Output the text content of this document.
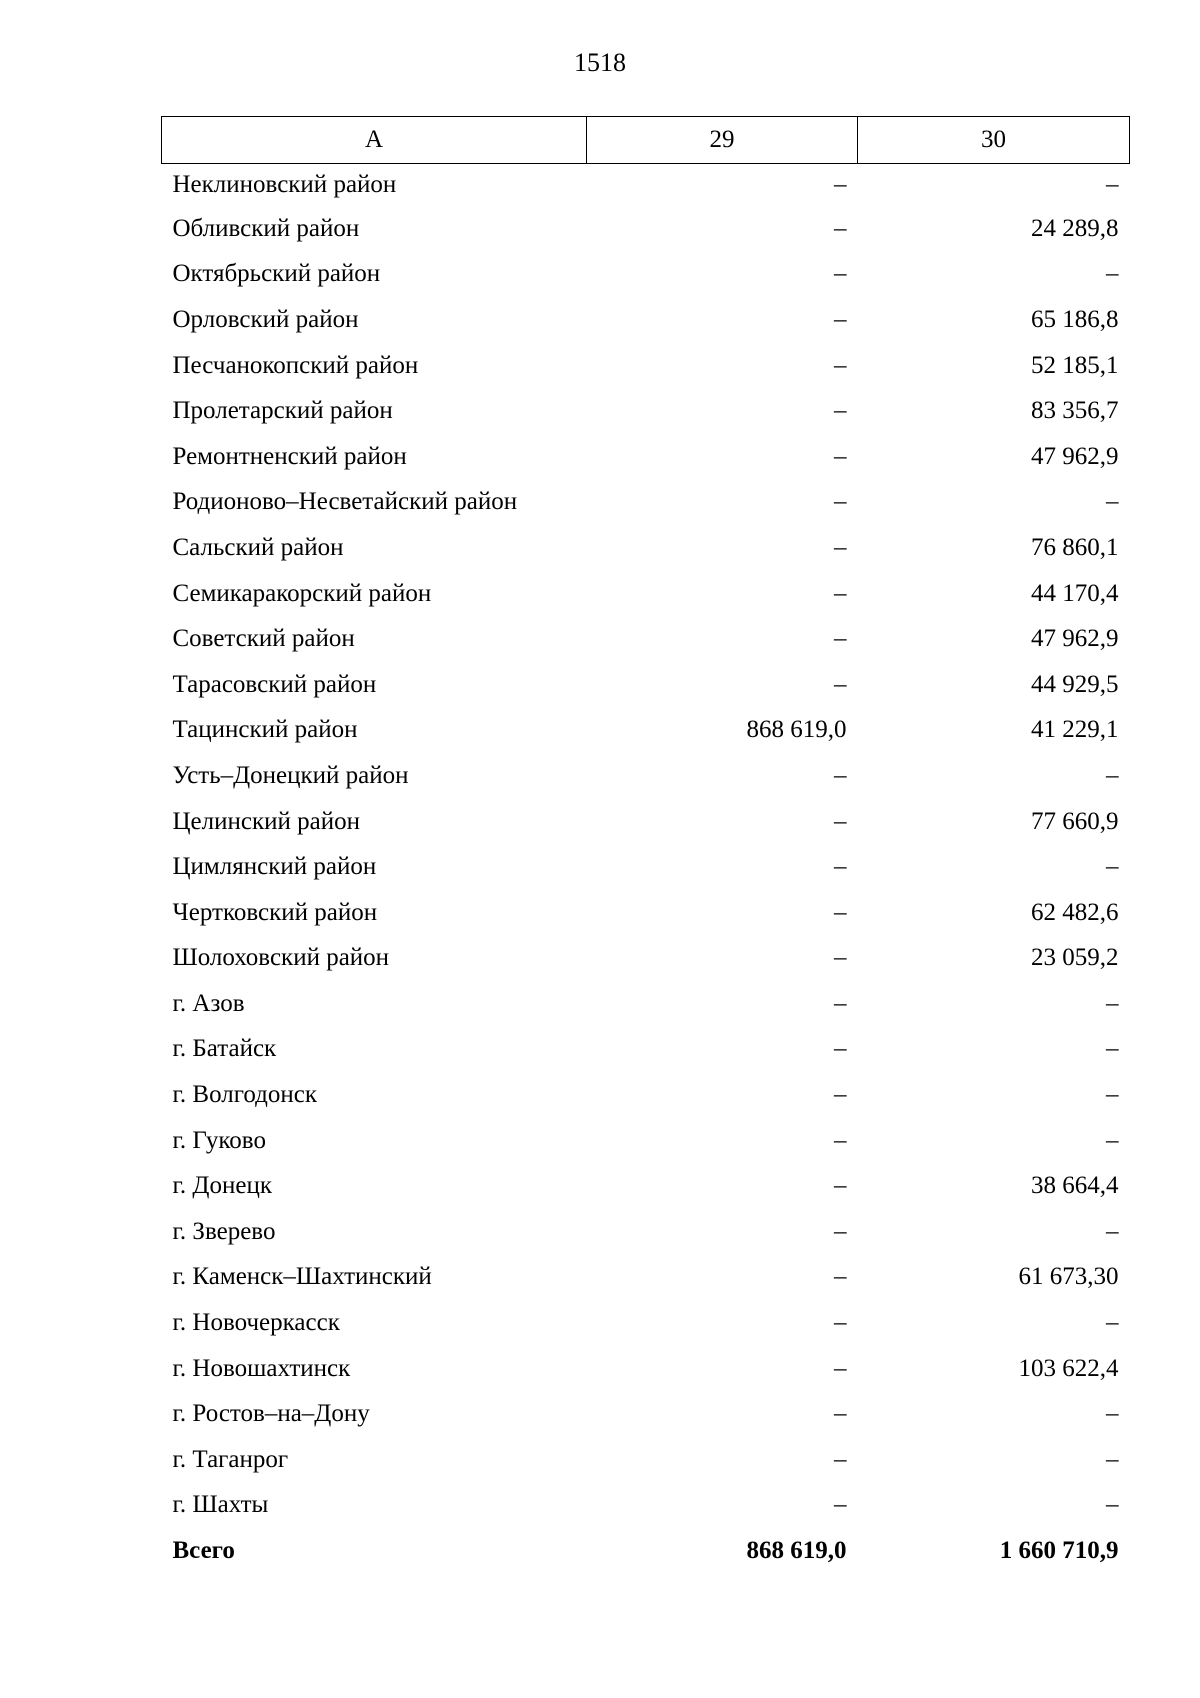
1518
А	29	30
Неклиновский район	–	–
Обливский район	–	24 289,8
Октябрьский район	–	–
Орловский район	–	65 186,8
Песчанокопский район	–	52 185,1
Пролетарский район	–	83 356,7
Ремонтненский район	–	47 962,9
Родионово–Несветайский район	–	–
Сальский район	–	76 860,1
Семикаракорский район	–	44 170,4
Советский район	–	47 962,9
Тарасовский район	–	44 929,5
Тацинский район	868 619,0	41 229,1
Усть–Донецкий район	–	–
Целинский район	–	77 660,9
Цимлянский район	–	–
Чертковский район	–	62 482,6
Шолоховский район	–	23 059,2
г. Азов	–	–
г. Батайск	–	–
г. Волгодонск	–	–
г. Гуково	–	–
г. Донецк	–	38 664,4
г. Зверево	–	–
г. Каменск–Шахтинский	–	61 673,30
г. Новочеркасск	–	–
г. Новошахтинск	–	103 622,4
г. Ростов–на–Дону	–	–
г. Таганрог	–	–
г. Шахты	–	–
Всего	868 619,0	1 660 710,9
